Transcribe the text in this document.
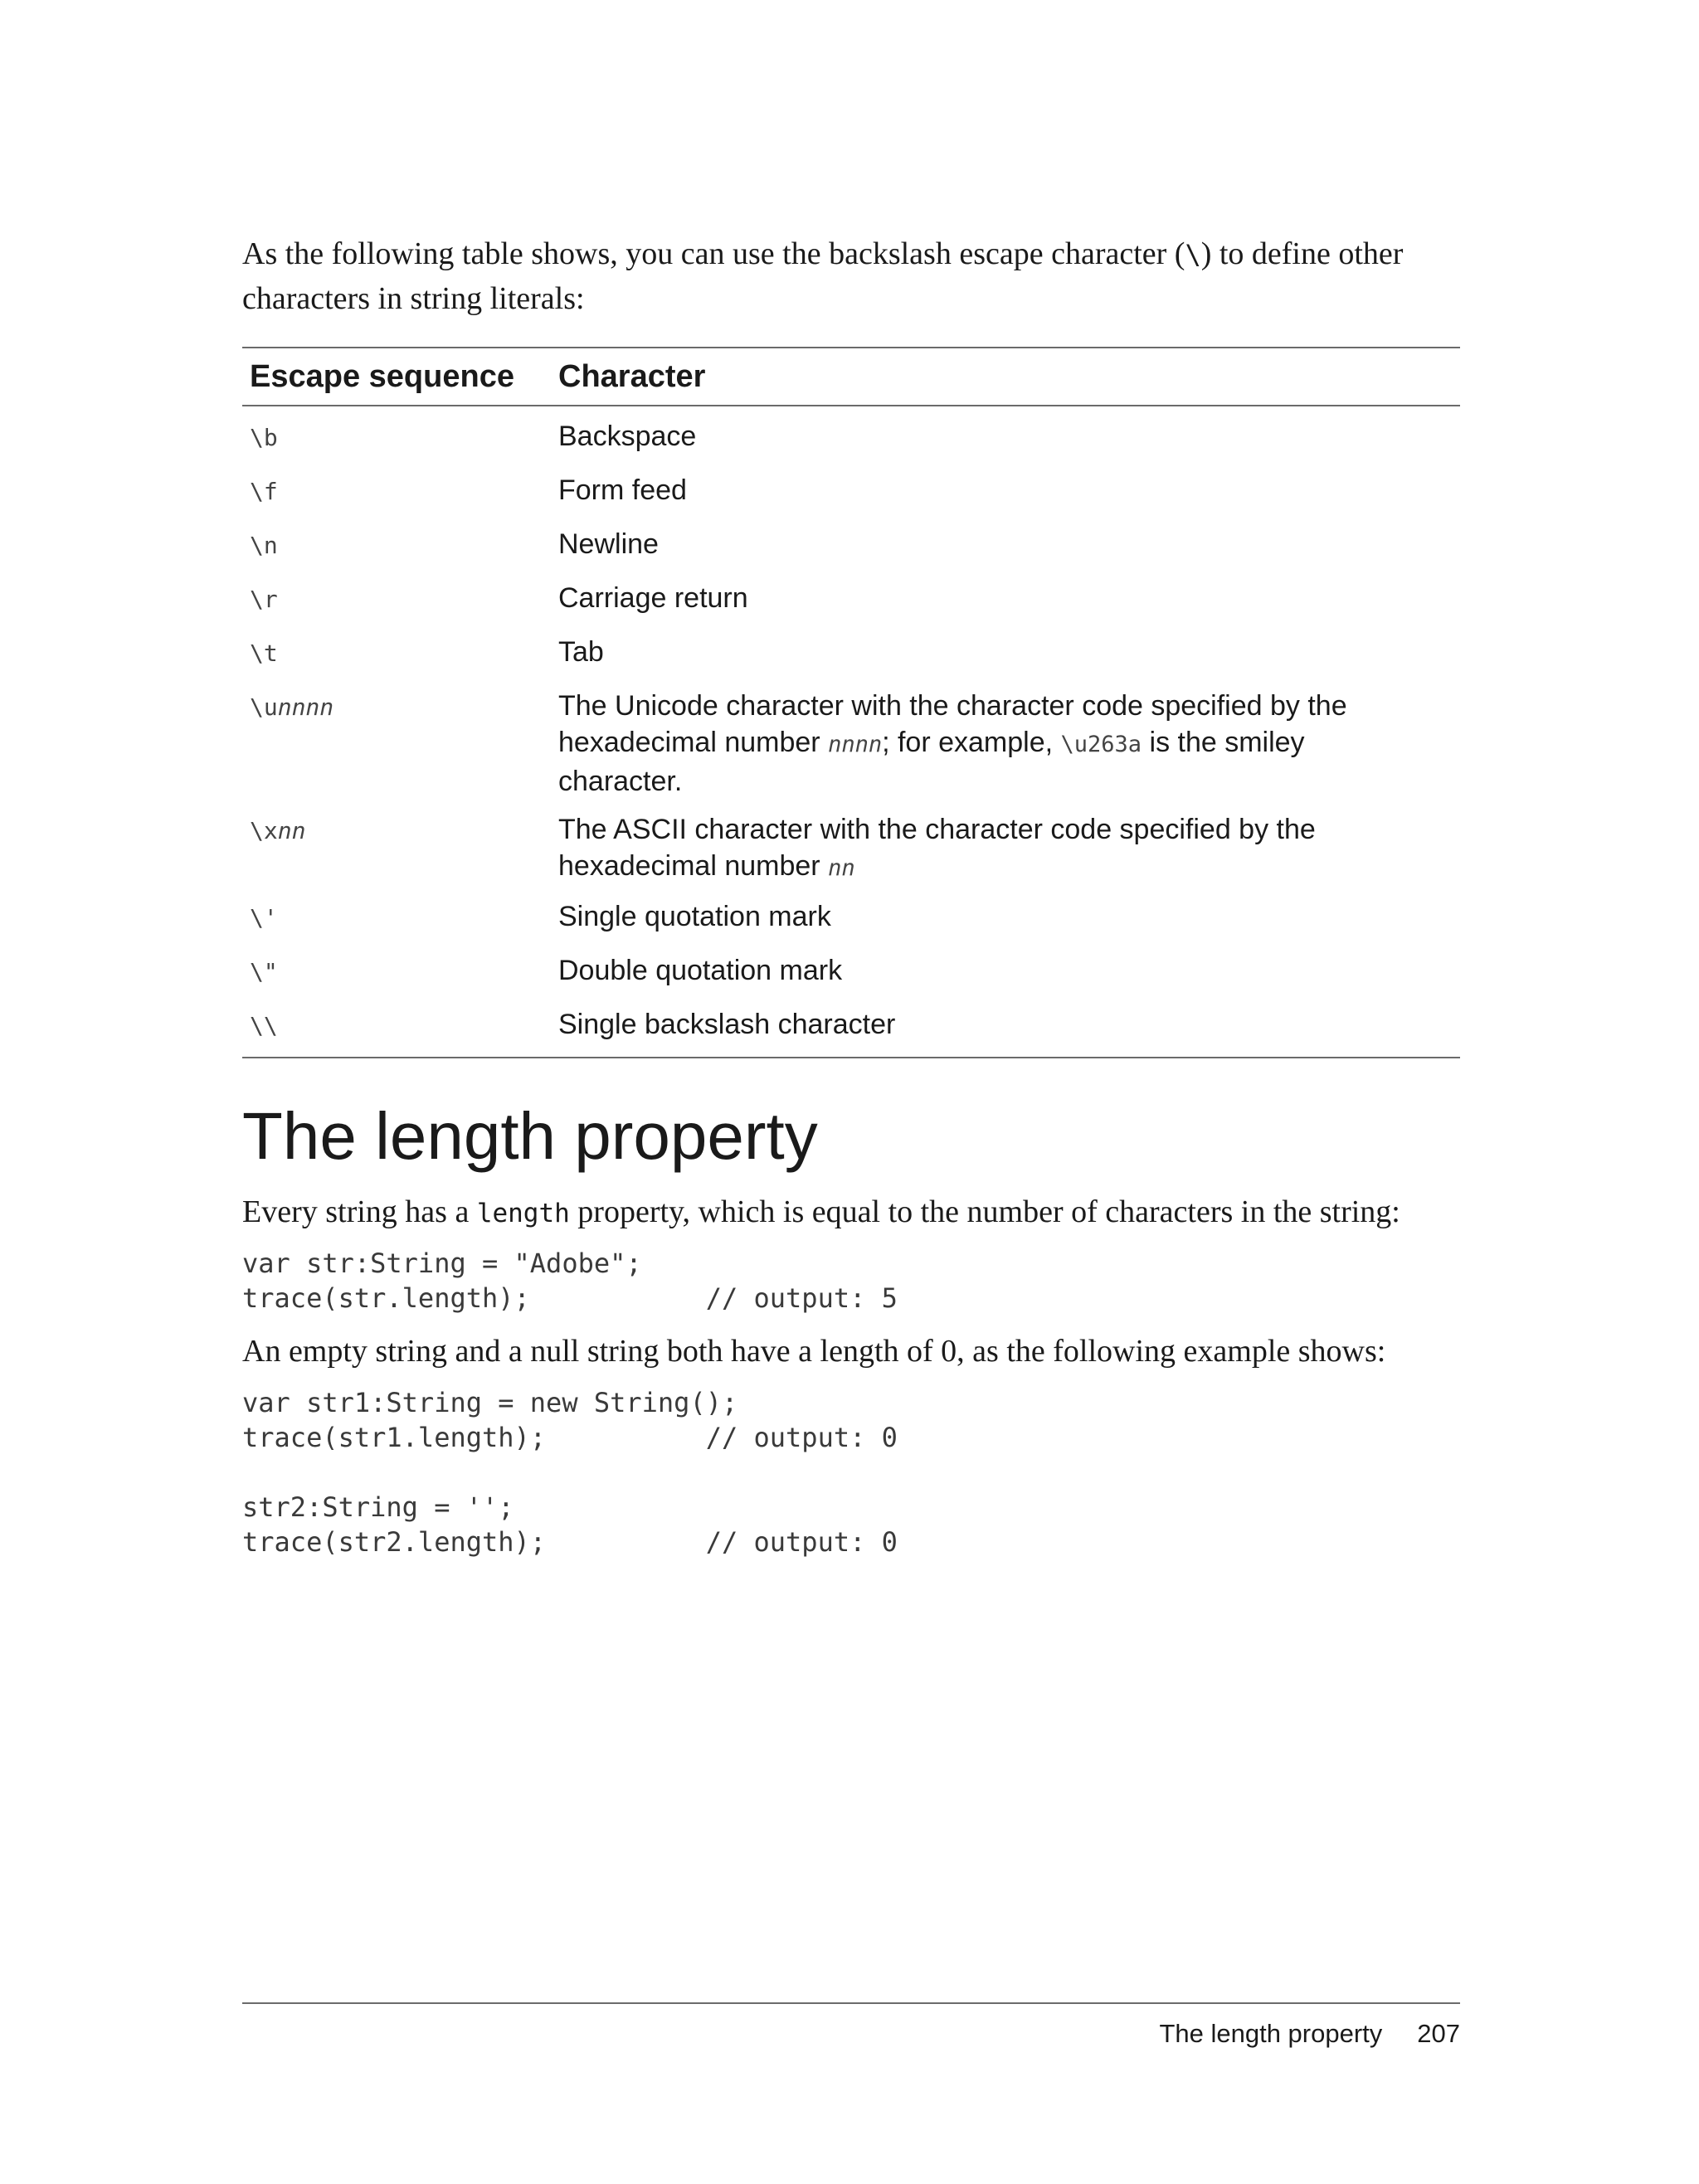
As the following table shows, you can use the backslash escape character (\) to define other characters in string literals:

Escape sequence	Character
\b	Backspace
\f	Form feed
\n	Newline
\r	Carriage return
\t	Tab
\unnnn	The Unicode character with the character code specified by the hexadecimal number nnnn; for example, \u263a is the smiley character.
\xnn	The ASCII character with the character code specified by the hexadecimal number nn
\'	Single quotation mark
\"	Double quotation mark
\\	Single backslash character
The length property

Every string has a length property, which is equal to the number of characters in the string:

var str:String = "Adobe";
trace(str.length);           // output: 5

An empty string and a null string both have a length of 0, as the following example shows:

var str1:String = new String();
trace(str1.length);          // output: 0

str2:String = '';
trace(str2.length);          // output: 0
The length property 207
